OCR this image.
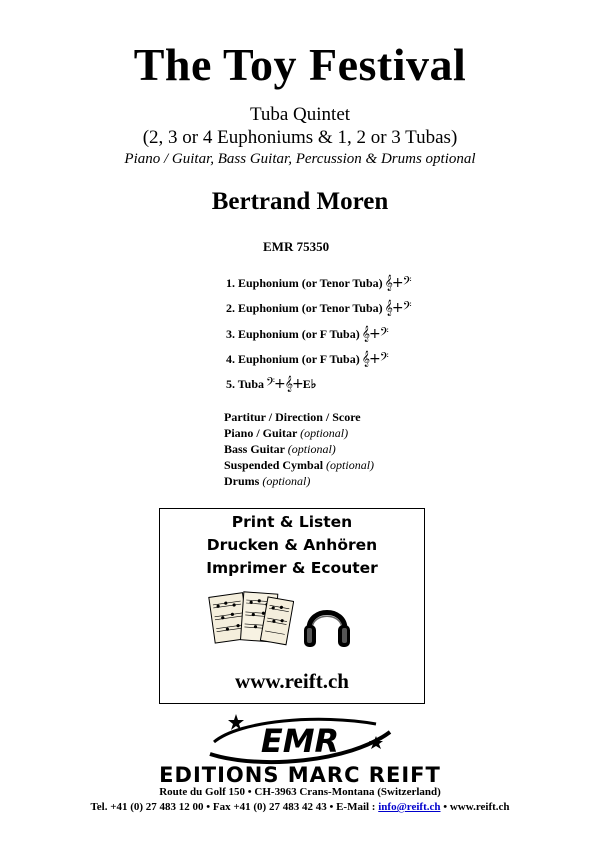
The Toy Festival
Tuba Quintet
(2, 3 or 4 Euphoniums & 1, 2 or 3 Tubas)
Piano / Guitar, Bass Guitar, Percussion & Drums optional
Bertrand Moren
EMR 75350
1. Euphonium (or Tenor Tuba) 𝄞+𝄢
2. Euphonium (or Tenor Tuba) 𝄞+𝄢
3. Euphonium (or F Tuba) 𝄞+𝄢
4. Euphonium (or F Tuba) 𝄞+𝄢
5. Tuba 𝄢+𝄞+ E♭
Partitur / Direction / Score
Piano / Guitar (optional)
Bass Guitar (optional)
Suspended Cymbal (optional)
Drums (optional)
Print & Listen
Drucken & Anhören
Imprimer & Ecouter
www.reift.ch
EMR
EDITIONS MARC REIFT
Route du Golf 150 • CH-3963 Crans-Montana (Switzerland)
Tel. +41 (0) 27 483 12 00 • Fax +41 (0) 27 483 42 43 • E-Mail : info@reift.ch • www.reift.ch
